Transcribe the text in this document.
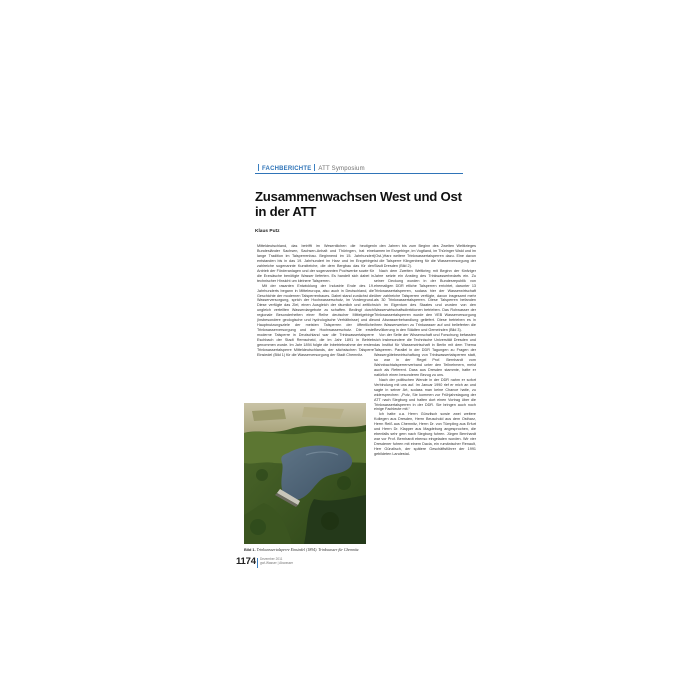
FACHBERICHTE ATT Symposium
Zusammenwachsen West und Ost in der ATT
Klaus Putz

Mitteldeutschland, das betrifft im Wesentlichen die heutigen Bundesländer Sachsen, Sachsen-Anhalt und Thüringen, hat eine lange Tradition im Talsperrenbau. Beginnend im 15. Jahrhundert entstanden bis in das 19. Jahrhundert im Harz und im Erzgebirge zahlreiche sogenannte Kunstteiche, die dem Bergbau das für den Antrieb der Förderanlagen und der sogenannten Pochwerke sowie für die Erzwäsche benötigte Wasser lieferten. Es handelt sich dabei in technischer Hinsicht um kleinere Talsperren.

Mit der rasanten Entwicklung der Industrie Ende des 19. Jahrhunderts begann in Mitteleuropa, also auch in Deutschland, die Geschichte der modernen Talsperrenbaues. Dabei stand zunächst die Wasserversorgung, sprich der Hochwasserschutz, im Vordergrund. Diese verfügte das Ziel, einen Ausgleich der räumlich und zeitlich ungleich verteilten Wasserdargebote zu schaffen. Bedingt durch regionale Besonderheiten einer Reihe deutscher Mittelgebirge (insbesondere geologische und hydrologische Verhältnisse) und die Hauptnutzungsziele der meisten Talsperren der öffentliche Trinkwasserversorgung und der Hochwasserschutz. Die erste moderne Talsperre in Deutschland war die Trinkwassertalsperre Eschbach der Stadt Remscheid, die im Jahr 1891 in Betrieb genommen wurde. Im Jahr 1894 folgte die Inbetriebnahme der ersten Trinkwassertalsperre Mitteldeutschlands, der sächsischen Talsperre Einsiedel (Bild 1) für die Wasserversorgung der Stadt Chemnitz.

In den Jahren bis zum Beginn des Zweiten Weltkrieges kamen im Erzgebirge, im Vogtland, im Thüringer Wald und im (Ost-)Harz weitere Trinkwassertalsperren dazu. Eine davon ist die Talsperre Klingenberg für die Wasserversorgung der Stadt Dresden (Bild 2).

Nach dem Zweiten Weltkrieg mit Beginn der fünfziger Jahre setzte ein Anstieg des Trinkwasserbedarfs ein. Zu seiner Deckung wurden in der Bundesrepublik von ehemaligen DDR etliche Talsperren errichtet, darunter 13 Trinkwassertalsperren, sodass hier der Wasserwirtschaft über zahlreiche Talsperren verfügte, davon insgesamt mehr als 30 Trinkwassertalsperren. Diese Talsperren befanden sich im Eigentum des Staates und wurden von den Wasserwirtschaftsdirektionen betrieben. Das Rohwasser der Trinkwassertalsperren wurde den VEB Wasserversorgung und Abwasserbehandlung geliefert. Diese betrieben es in ihren Wasserwerken zu Trinkwasser auf und belieferten die Bevölkerung in den Städten und Gemeinden (Bild 3).

Von der Seite der Wissenschaft und Forschung befassten sich insbesondere die Technische Universität Dresden und das Institut für Wasserwirtschaft in Berlin mit dem Thema Talsperren. Parallel in der DDR Tagungen zu Fragen der Wassergütebewirtschaftung von Trinkwassertalsperren statt, so war in der Regel Prof. Bernhardt vom Wahnbachtalsperrenverband unter den Teilnehmern, meist auch als Referent. Dass aus Dresden stammte, hatte er natürlich einen besonderen Bezug zu uns.

Nach der politischen Wende in der DDR nahm er sofort Verbindung mit uns auf. Im Januar 1990 rief er mich an und sagte in seiner Art, sodass man keine Chance hatte, zu widersprechen: „Putz, Sie kommen zur Frühjahrstagung der ATT nach Siegburg und halten dort einen Vortrag über die Trinkwassertalsperren in der DDR. Sie bringen auch noch einige Fachleute mit.“

Ich hatte u.a. Herrn Günzlisch sowie zwei weitere Kollegen aus Dresden, Herrn Beuschold aus dem Ostharz, Herrn Reiß aus Chemnitz, Herrn Dr. von Tümpling aus Erfurt und Herrn Dr. Klapper aus Magdeburg angesprochen, die ebenfalls sehr gern nach Siegburg fuhren. Jürgen Bernhardt war vor Prof. Bernhardt ebenso eingeladen worden. Wir vier Dresdener fuhren mit einem Dacia, ein rumänischer Renault, Herr Günzlisch, der spätere Geschäftsführer der 1991 gebildeten Landestal-

Bild 1. Trinkwassertalsperre Einsiedel (1894). Trinkwasser für Chemnitz
1174 Dezember 2011
gwf-Wasser | Abwasser
